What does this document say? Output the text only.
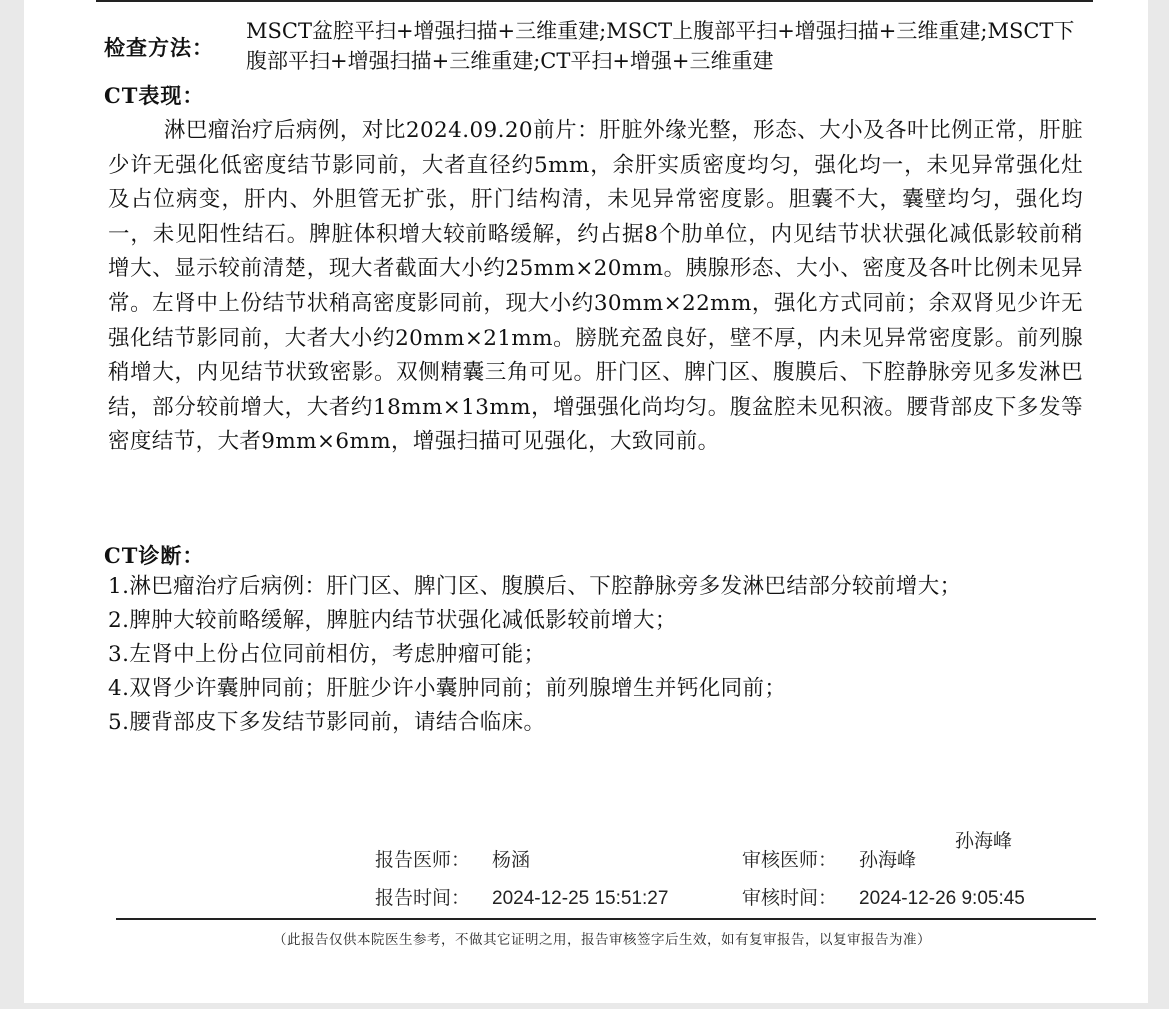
检查方法：
MSCT盆腔平扫+增强扫描+三维重建;MSCT上腹部平扫+增强扫描+三维重建;MSCT下腹部平扫+增强扫描+三维重建;CT平扫+增强+三维重建
CT表现：
淋巴瘤治疗后病例，对比2024.09.20前片：肝脏外缘光整，形态、大小及各叶比例正常，肝脏少许无强化低密度结节影同前，大者直径约5mm，余肝实质密度均匀，强化均一，未见异常强化灶及占位病变，肝内、外胆管无扩张，肝门结构清，未见异常密度影。胆囊不大，囊壁均匀，强化均一，未见阳性结石。脾脏体积增大较前略缓解，约占据8个肋单位，内见结节状状强化减低影较前稍增大、显示较前清楚，现大者截面大小约25mm×20mm。胰腺形态、大小、密度及各叶比例未见异常。左肾中上份结节状稍高密度影同前，现大小约30mm×22mm，强化方式同前；余双肾见少许无强化结节影同前，大者大小约20mm×21mm。膀胱充盈良好，壁不厚，内未见异常密度影。前列腺稍增大，内见结节状致密影。双侧精囊三角可见。肝门区、脾门区、腹膜后、下腔静脉旁见多发淋巴结，部分较前增大，大者约18mm×13mm，增强强化尚均匀。腹盆腔未见积液。腰背部皮下多发等密度结节，大者9mm×6mm，增强扫描可见强化，大致同前。
CT诊断：
1.淋巴瘤治疗后病例：肝门区、脾门区、腹膜后、下腔静脉旁多发淋巴结部分较前增大；
2.脾肿大较前略缓解，脾脏内结节状强化减低影较前增大；
3.左肾中上份占位同前相仿，考虑肿瘤可能；
4.双肾少许囊肿同前；肝脏少许小囊肿同前；前列腺增生并钙化同前；
5.腰背部皮下多发结节影同前，请结合临床。
报告医师： 杨涵	审核医师： 孙海峰
孙海峰
报告时间： 2024-12-25 15:51:27	审核时间： 2024-12-26 9:05:45
（此报告仅供本院医生参考，不做其它证明之用，报告审核签字后生效，如有复审报告，以复审报告为准）
